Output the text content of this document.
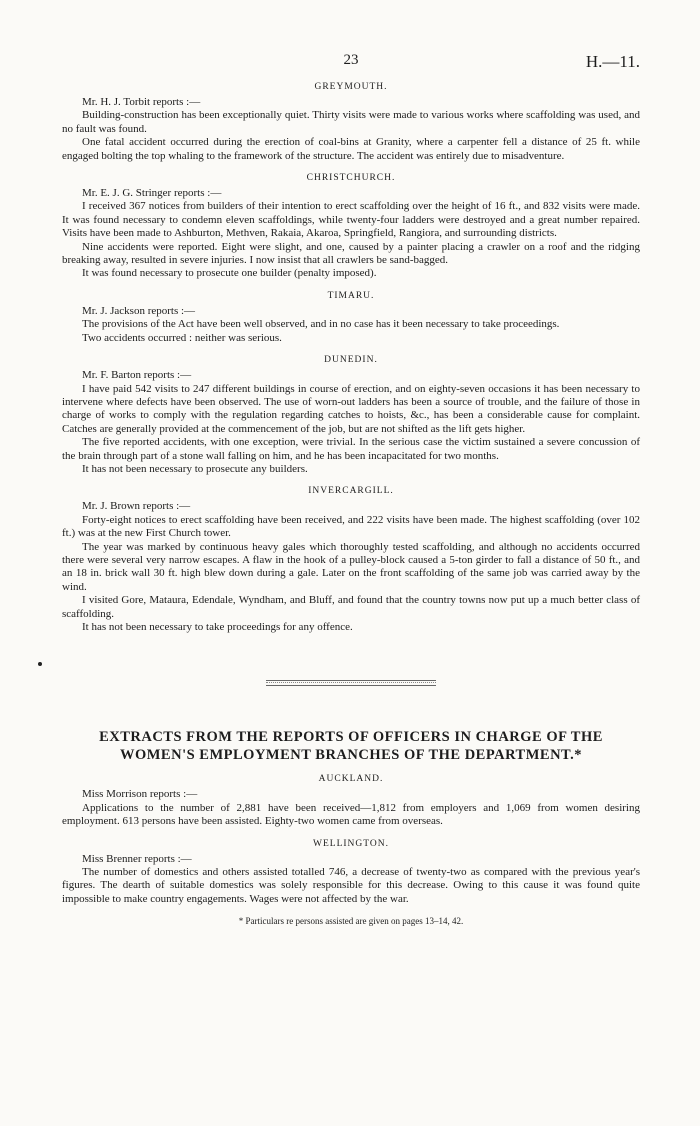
23	H.—11.
GREYMOUTH.

Mr. H. J. Torbit reports :—

Building-construction has been exceptionally quiet. Thirty visits were made to various works where scaffolding was used, and no fault was found.

One fatal accident occurred during the erection of coal-bins at Granity, where a carpenter fell a distance of 25 ft. while engaged bolting the top whaling to the framework of the structure. The accident was entirely due to misadventure.

CHRISTCHURCH.

Mr. E. J. G. Stringer reports :—

I received 367 notices from builders of their intention to erect scaffolding over the height of 16 ft., and 832 visits were made. It was found necessary to condemn eleven scaffoldings, while twenty-four ladders were destroyed and a great number repaired. Visits have been made to Ashburton, Methven, Rakaia, Akaroa, Springfield, Rangiora, and surrounding districts.

Nine accidents were reported. Eight were slight, and one, caused by a painter placing a crawler on a roof and the ridging breaking away, resulted in severe injuries. I now insist that all crawlers be sand-bagged.

It was found necessary to prosecute one builder (penalty imposed).

TIMARU.

Mr. J. Jackson reports :—

The provisions of the Act have been well observed, and in no case has it been necessary to take proceedings.

Two accidents occurred : neither was serious.

DUNEDIN.

Mr. F. Barton reports :—

I have paid 542 visits to 247 different buildings in course of erection, and on eighty-seven occasions it has been necessary to intervene where defects have been observed. The use of worn-out ladders has been a source of trouble, and the failure of those in charge of works to comply with the regulation regarding catches to hoists, &c., has been a considerable cause for complaint. Catches are generally provided at the commencement of the job, but are not shifted as the lift gets higher.

The five reported accidents, with one exception, were trivial. In the serious case the victim sustained a severe concussion of the brain through part of a stone wall falling on him, and he has been incapacitated for two months.

It has not been necessary to prosecute any builders.

INVERCARGILL.

Mr. J. Brown reports :—

Forty-eight notices to erect scaffolding have been received, and 222 visits have been made. The highest scaffolding (over 102 ft.) was at the new First Church tower.

The year was marked by continuous heavy gales which thoroughly tested scaffolding, and although no accidents occurred there were several very narrow escapes. A flaw in the hook of a pulley-block caused a 5-ton girder to fall a distance of 50 ft., and an 18 in. brick wall 30 ft. high blew down during a gale. Later on the front scaffolding of the same job was carried away by the wind.

I visited Gore, Mataura, Edendale, Wyndham, and Bluff, and found that the country towns now put up a much better class of scaffolding.

It has not been necessary to take proceedings for any offence.

EXTRACTS FROM THE REPORTS OF OFFICERS IN CHARGE OF THE WOMEN'S EMPLOYMENT BRANCHES OF THE DEPARTMENT.*
AUCKLAND.

Miss Morrison reports :—

Applications to the number of 2,881 have been received—1,812 from employers and 1,069 from women desiring employment. 613 persons have been assisted. Eighty-two women came from overseas.

WELLINGTON.

Miss Brenner reports :—

The number of domestics and others assisted totalled 746, a decrease of twenty-two as compared with the previous year's figures. The dearth of suitable domestics was solely responsible for this decrease. Owing to this cause it was found quite impossible to make country engagements. Wages were not affected by the war.

* Particulars re persons assisted are given on pages 13–14, 42.
